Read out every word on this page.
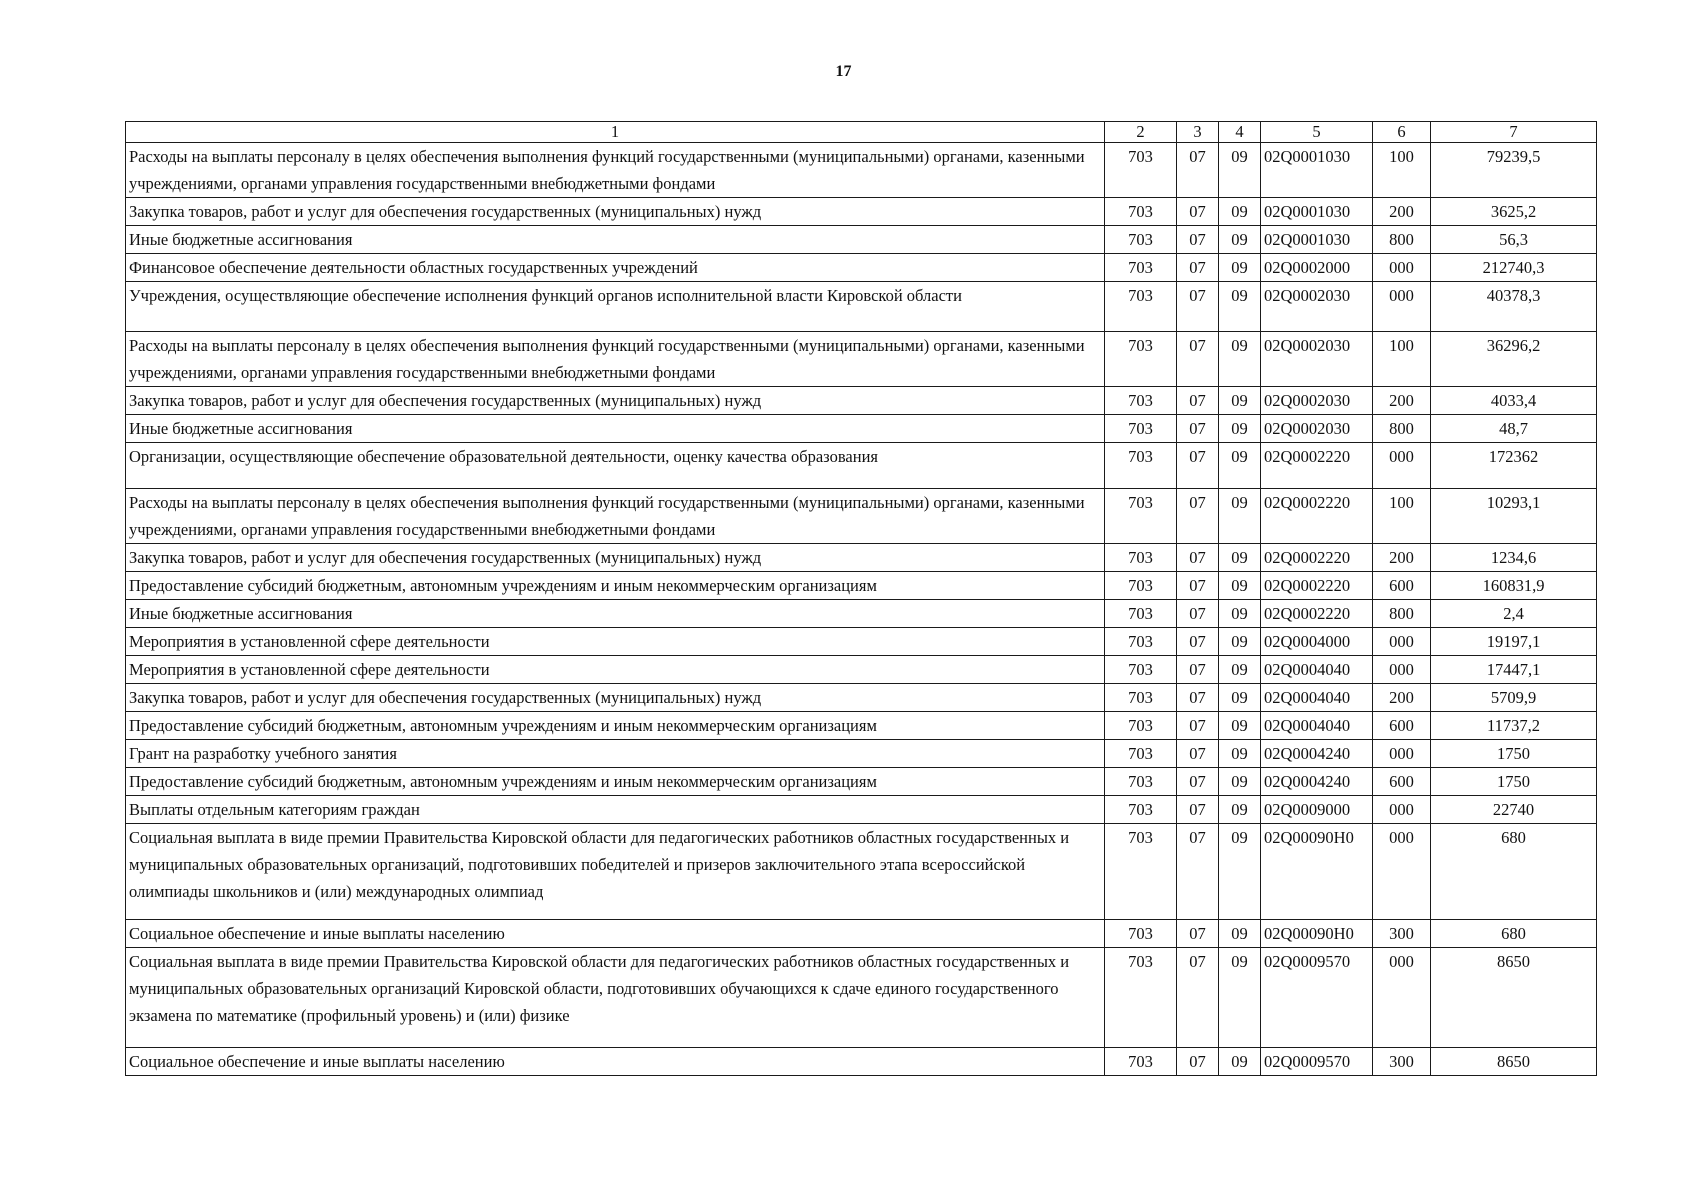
17
1	2	3	4	5	6	7
Расходы на выплаты персоналу в целях обеспечения выполнения функций государственными (муниципальными) органами, казенными учреждениями, органами управления государственными внебюджетными фондами	703	07	09	02Q0001030	100	79239,5
Закупка товаров, работ и услуг для обеспечения государственных (муниципальных) нужд	703	07	09	02Q0001030	200	3625,2
Иные бюджетные ассигнования	703	07	09	02Q0001030	800	56,3
Финансовое обеспечение деятельности областных государственных учреждений	703	07	09	02Q0002000	000	212740,3
Учреждения, осуществляющие обеспечение исполнения функций органов исполнительной власти Кировской области	703	07	09	02Q0002030	000	40378,3
Расходы на выплаты персоналу в целях обеспечения выполнения функций государственными (муниципальными) органами, казенными учреждениями, органами управления государственными внебюджетными фондами	703	07	09	02Q0002030	100	36296,2
Закупка товаров, работ и услуг для обеспечения государственных (муниципальных) нужд	703	07	09	02Q0002030	200	4033,4
Иные бюджетные ассигнования	703	07	09	02Q0002030	800	48,7
Организации, осуществляющие обеспечение образовательной деятельности, оценку качества образования	703	07	09	02Q0002220	000	172362
Расходы на выплаты персоналу в целях обеспечения выполнения функций государственными (муниципальными) органами, казенными учреждениями, органами управления государственными внебюджетными фондами	703	07	09	02Q0002220	100	10293,1
Закупка товаров, работ и услуг для обеспечения государственных (муниципальных) нужд	703	07	09	02Q0002220	200	1234,6
Предоставление субсидий бюджетным, автономным учреждениям и иным некоммерческим организациям	703	07	09	02Q0002220	600	160831,9
Иные бюджетные ассигнования	703	07	09	02Q0002220	800	2,4
Мероприятия в установленной сфере деятельности	703	07	09	02Q0004000	000	19197,1
Мероприятия в установленной сфере деятельности	703	07	09	02Q0004040	000	17447,1
Закупка товаров, работ и услуг для обеспечения государственных (муниципальных) нужд	703	07	09	02Q0004040	200	5709,9
Предоставление субсидий бюджетным, автономным учреждениям и иным некоммерческим организациям	703	07	09	02Q0004040	600	11737,2
Грант на разработку учебного занятия	703	07	09	02Q0004240	000	1750
Предоставление субсидий бюджетным, автономным учреждениям и иным некоммерческим организациям	703	07	09	02Q0004240	600	1750
Выплаты отдельным категориям граждан	703	07	09	02Q0009000	000	22740
Социальная выплата в виде премии Правительства Кировской области для педагогических работников областных государственных и муниципальных образовательных организаций, подготовивших победителей и призеров заключительного этапа всероссийской олимпиады школьников и (или) международных олимпиад	703	07	09	02Q00090H0	000	680
Социальное обеспечение и иные выплаты населению	703	07	09	02Q00090H0	300	680
Социальная выплата в виде премии Правительства Кировской области для педагогических работников областных государственных и муниципальных образовательных организаций Кировской области, подготовивших обучающихся к сдаче единого государственного экзамена по математике (профильный уровень) и (или) физике	703	07	09	02Q0009570	000	8650
Социальное обеспечение и иные выплаты населению	703	07	09	02Q0009570	300	8650
